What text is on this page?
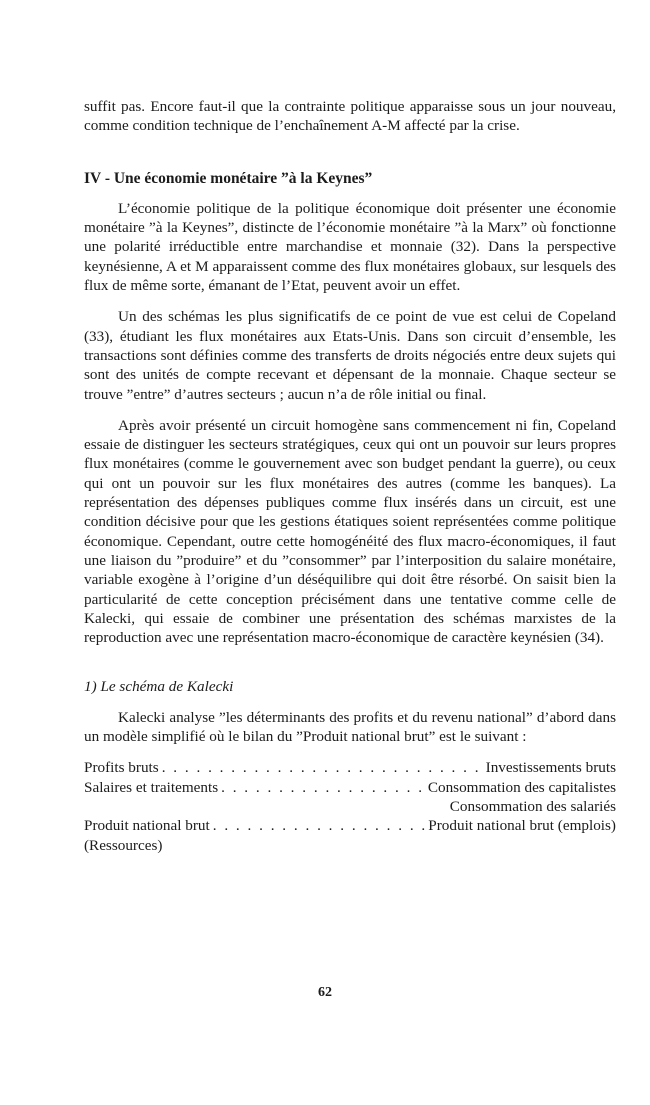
suffit pas. Encore faut-il que la contrainte politique apparaisse sous un jour nouveau, comme condition technique de l’enchaînement A-M affecté par la crise.

IV - Une économie monétaire ”à la Keynes”

L’économie politique de la politique économique doit présenter une économie monétaire ”à la Keynes”, distincte de l’économie monétaire ”à la Marx” où fonctionne une polarité irréductible entre marchandise et monnaie (32). Dans la perspective keynésienne, A et M apparaissent comme des flux monétaires globaux, sur lesquels des flux de même sorte, émanant de l’Etat, peuvent avoir un effet.

Un des schémas les plus significatifs de ce point de vue est celui de Copeland (33), étudiant les flux monétaires aux Etats-Unis. Dans son circuit d’ensemble, les transactions sont définies comme des transferts de droits négociés entre deux sujets qui sont des unités de compte recevant et dépensant de la monnaie. Chaque secteur se trouve ”entre” d’autres secteurs ; aucun n’a de rôle initial ou final.

Après avoir présenté un circuit homogène sans commencement ni fin, Copeland essaie de distinguer les secteurs stratégiques, ceux qui ont un pouvoir sur leurs propres flux monétaires (comme le gouvernement avec son budget pendant la guerre), ou ceux qui ont un pouvoir sur les flux monétaires des autres (comme les banques). La représentation des dépenses publiques comme flux insérés dans un circuit, est une condition décisive pour que les gestions étatiques soient représentées comme politique économique. Cependant, outre cette homogénéité des flux macro-économiques, il faut une liaison du ”produire” et du ”consommer” par l’interposition du salaire monétaire, variable exogène à l’origine d’un déséquilibre qui doit être résorbé. On saisit bien la particularité de cette conception précisément dans une tentative comme celle de Kalecki, qui essaie de combiner une présentation des schémas marxistes de la reproduction avec une représentation macro-économique de caractère keynésien (34).

1) Le schéma de Kalecki

Kalecki analyse ”les déterminants des profits et du revenu national” d’abord dans un modèle simplifié où le bilan du ”Produit national brut” est le suivant :

Profits bruts . . .	Investissements bruts
Salaires et traitements . . .	Consommation des capitalistes
Consommation des salariés
Produit national brut . . .	Produit national brut (emplois)
(Ressources)
62
